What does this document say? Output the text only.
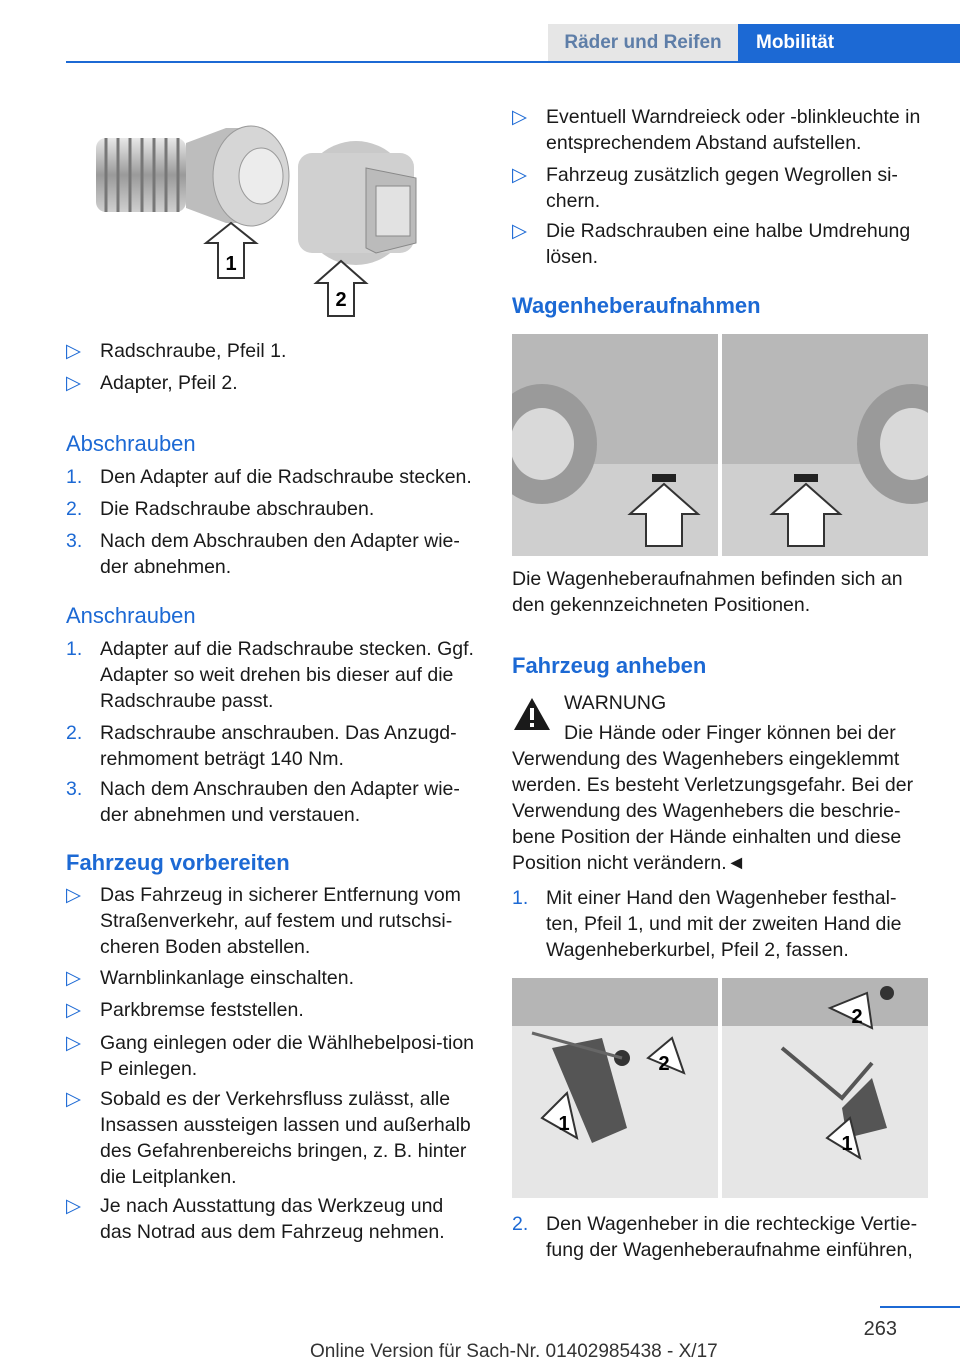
Räder und Reifen	Mobilität
1
2
▷ Radschraube, Pfeil 1.
▷ Adapter, Pfeil 2.
Abschrauben
1. Den Adapter auf die Radschraube stecken.
2. Die Radschraube abschrauben.
3. Nach dem Abschrauben den Adapter wie-der abnehmen.
Anschrauben
1. Adapter auf die Radschraube stecken. Ggf. Adapter so weit drehen bis dieser auf die Radschraube passt.
2. Radschraube anschrauben. Das Anzugd-rehmoment beträgt 140 Nm.
3. Nach dem Anschrauben den Adapter wie-der abnehmen und verstauen.
Fahrzeug vorbereiten
▷ Das Fahrzeug in sicherer Entfernung vom Straßenverkehr, auf festem und rutschsi-cheren Boden abstellen.
▷ Warnblinkanlage einschalten.
▷ Parkbremse feststellen.
▷ Gang einlegen oder die Wählhebelposi-tion P einlegen.
▷ Sobald es der Verkehrsfluss zulässt, alle Insassen aussteigen lassen und außerhalb des Gefahrenbereichs bringen, z. B. hinter die Leitplanken.
▷ Je nach Ausstattung das Werkzeug und das Notrad aus dem Fahrzeug nehmen.
▷ Eventuell Warndreieck oder -blinkleuchte in entsprechendem Abstand aufstellen.
▷ Fahrzeug zusätzlich gegen Wegrollen si-chern.
▷ Die Radschrauben eine halbe Umdrehung lösen.
Wagenheberaufnahmen
Die Wagenheberaufnahmen befinden sich an den gekennzeichneten Positionen.
Fahrzeug anheben
WARNUNG
Die Hände oder Finger können bei der
Verwendung des Wagenhebers eingeklemmt werden. Es besteht Verletzungsgefahr. Bei der Verwendung des Wagenhebers die beschrie-bene Position der Hände einhalten und diese Position nicht verändern.◄
1. Mit einer Hand den Wagenheber festhal-ten, Pfeil 1, und mit der zweiten Hand die Wagenheberkurbel, Pfeil 2, fassen.
2
1
2
1
2. Den Wagenheber in die rechteckige Vertie-fung der Wagenheberaufnahme einführen,
263
Online Version für Sach-Nr. 01402985438 - X/17
